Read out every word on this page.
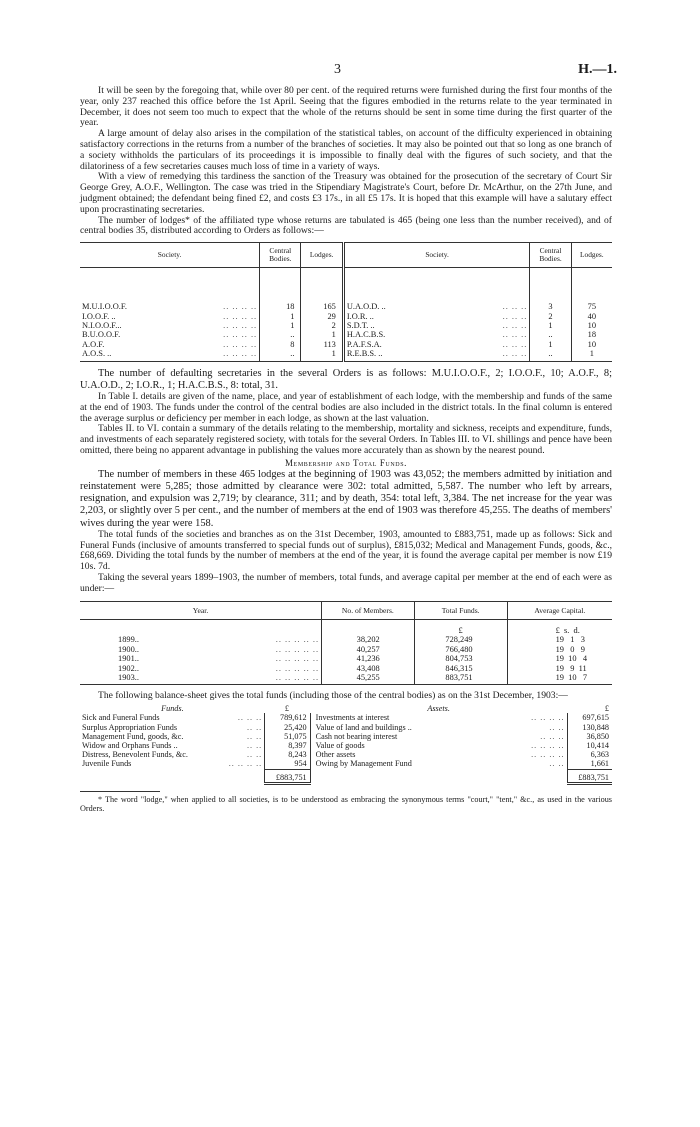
3	H.—1.

It will be seen by the foregoing that, while over 80 per cent. of the required returns were furnished during the first four months of the year, only 237 reached this office before the 1st April. Seeing that the figures embodied in the returns relate to the year terminated in December, it does not seem too much to expect that the whole of the returns should be sent in some time during the first quarter of the year.

A large amount of delay also arises in the compilation of the statistical tables, on account of the difficulty experienced in obtaining satisfactory corrections in the returns from a number of the branches of societies. It may also be pointed out that so long as one branch of a society withholds the particulars of its proceedings it is impossible to finally deal with the figures of such society, and that the dilatoriness of a few secretaries causes much loss of time in a variety of ways.

With a view of remedying this tardiness the sanction of the Treasury was obtained for the prosecution of the secretary of Court Sir George Grey, A.O.F., Wellington. The case was tried in the Stipendiary Magistrate's Court, before Dr. McArthur, on the 27th June, and judgment obtained; the defendant being fined £2, and costs £3 17s., in all £5 17s. It is hoped that this example will have a salutary effect upon procrastinating secretaries.

The number of lodges* of the affiliated type whose returns are tabulated is 465 (being one less than the number received), and of central bodies 35, distributed according to Orders as follows:—

Society.	Central Bodies.	Lodges.	Society.	Central Bodies.	Lodges.
M.U.I.O.O.F. .. .. .. ..	18	165	U.A.O.D. .. .. .. ..	3	75
I.O.O.F. .. .. .. .. ..	1	29	I.O.R. .. .. .. ..	2	40
N.I.O.O.F... .. .. .. ..	1	2	S.D.T. .. .. .. ..	1	10
B.U.O.O.F. .. .. .. ..	..	1	H.A.C.B.S. .. .. ..	..	18
A.O.F. .. .. .. ..	8	113	P.A.F.S.A. .. .. ..	1	10
A.O.S. .. .. .. .. ..	..	1	R.E.B.S. .. .. .. ..	..	1

The number of defaulting secretaries in the several Orders is as follows: M.U.I.O.O.F., 2; I.O.O.F., 10; A.O.F., 8; U.A.O.D., 2; I.O.R., 1; H.A.C.B.S., 8: total, 31.

In Table I. details are given of the name, place, and year of establishment of each lodge, with the membership and funds of the same at the end of 1903. The funds under the control of the central bodies are also included in the district totals. In the final column is entered the average surplus or deficiency per member in each lodge, as shown at the last valuation.

Tables II. to VI. contain a summary of the details relating to the membership, mortality and sickness, receipts and expenditure, funds, and investments of each separately registered society, with totals for the several Orders. In Tables III. to VI. shillings and pence have been omitted, there being no apparent advantage in publishing the values more accurately than as shown by the nearest pound.

Membership and Total Funds.

The number of members in these 465 lodges at the beginning of 1903 was 43,052; the members admitted by initiation and reinstatement were 5,285; those admitted by clearance were 302: total admitted, 5,587. The number who left by arrears, resignation, and expulsion was 2,719; by clearance, 311; and by death, 354: total left, 3,384. The net increase for the year was 2,203, or slightly over 5 per cent., and the number of members at the end of 1903 was therefore 45,255. The deaths of members' wives during the year were 158.

The total funds of the societies and branches as on the 31st December, 1903, amounted to £883,751, made up as follows: Sick and Funeral Funds (inclusive of amounts transferred to special funds out of surplus), £815,032; Medical and Management Funds, goods, &c., £68,669. Dividing the total funds by the number of members at the end of the year, it is found the average capital per member is now £19 10s. 7d.

Taking the several years 1899–1903, the number of members, total funds, and average capital per member at the end of each were as under:—

Year.	No. of Members.	Total Funds.	Average Capital.
		£	£  s.  d.
1899.. .. .. .. .. ..	38,202	728,249	19   1   3
1900.. .. .. .. .. ..	40,257	766,480	19   0   9
1901.. .. .. .. .. ..	41,236	804,753	19  10   4
1902.. .. .. .. .. ..	43,408	846,315	19   9  11
1903.. .. .. .. .. ..	45,255	883,751	19  10   7

The following balance-sheet gives the total funds (including those of the central bodies) as on the 31st December, 1903:—

Funds.	£	Assets.	£
Sick and Funeral Funds .. .. ..	789,612	Investments at interest .. .. .. ..	697,615
Surplus Appropriation Funds .. ..	25,420	Value of land and buildings .. .. ..	130,848
Management Fund, goods, &c. .. ..	51,075	Cash not bearing interest .. .. ..	36,850
Widow and Orphans Funds .. .. ..	8,397	Value of goods .. .. .. ..	10,414
Distress, Benevolent Funds, &c. .. ..	8,243	Other assets .. .. .. ..	6,363
Juvenile Funds .. .. .. ..	954	Owing by Management Fund .. ..	1,661
	£883,751		£883,751
* The word "lodge," when applied to all societies, is to be understood as embracing the synonymous terms "court," "tent," &c., as used in the various Orders.
